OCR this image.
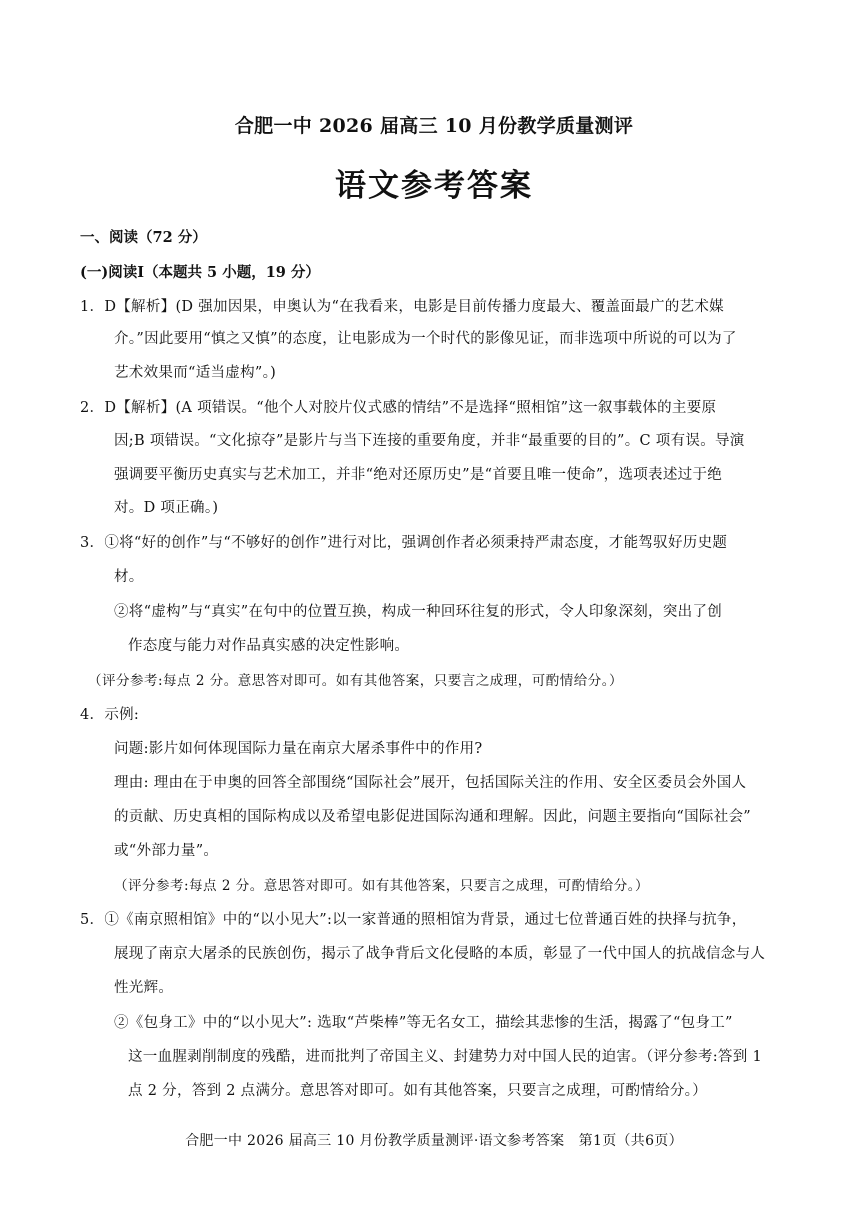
合肥一中 2026 届高三 10 月份教学质量测评
语文参考答案
一、阅读（72 分）
(一)阅读I（本题共 5 小题，19 分）
1．D【解析】(D 强加因果，申奥认为“在我看来，电影是目前传播力度最大、覆盖面最广的艺术媒
介。”因此要用“慎之又慎”的态度，让电影成为一个时代的影像见证，而非选项中所说的可以为了
艺术效果而“适当虚构”。)
2．D【解析】(A 项错误。“他个人对胶片仪式感的情结”不是选择“照相馆”这一叙事载体的主要原
因;B 项错误。“文化掠夺”是影片与当下连接的重要角度，并非“最重要的目的”。C 项有误。导演
强调要平衡历史真实与艺术加工，并非“绝对还原历史”是“首要且唯一使命”，选项表述过于绝
对。D 项正确。)
3．①将“好的创作”与“不够好的创作”进行对比，强调创作者必须秉持严肃态度，才能驾驭好历史题
材。
②将“虚构”与“真实”在句中的位置互换，构成一种回环往复的形式，令人印象深刻，突出了创
作态度与能力对作品真实感的决定性影响。
（评分参考:每点 2 分。意思答对即可。如有其他答案，只要言之成理，可酌情给分。）
4．示例:
问题:影片如何体现国际力量在南京大屠杀事件中的作用?
理由: 理由在于申奥的回答全部围绕“国际社会”展开，包括国际关注的作用、安全区委员会外国人
的贡献、历史真相的国际构成以及希望电影促进国际沟通和理解。因此，问题主要指向“国际社会”
或“外部力量”。
（评分参考:每点 2 分。意思答对即可。如有其他答案，只要言之成理，可酌情给分。）
5．①《南京照相馆》中的“以小见大”:以一家普通的照相馆为背景，通过七位普通百姓的抉择与抗争，
展现了南京大屠杀的民族创伤，揭示了战争背后文化侵略的本质，彰显了一代中国人的抗战信念与人
性光辉。
②《包身工》中的“以小见大”: 选取“芦柴棒”等无名女工，描绘其悲惨的生活，揭露了“包身工”
这一血腥剥削制度的残酷，进而批判了帝国主义、封建势力对中国人民的迫害。（评分参考:答到 1
点 2 分，答到 2 点满分。意思答对即可。如有其他答案，只要言之成理，可酌情给分。）
合肥一中 2026 届高三 10 月份教学质量测评·语文参考答案　第1页（共6页）
